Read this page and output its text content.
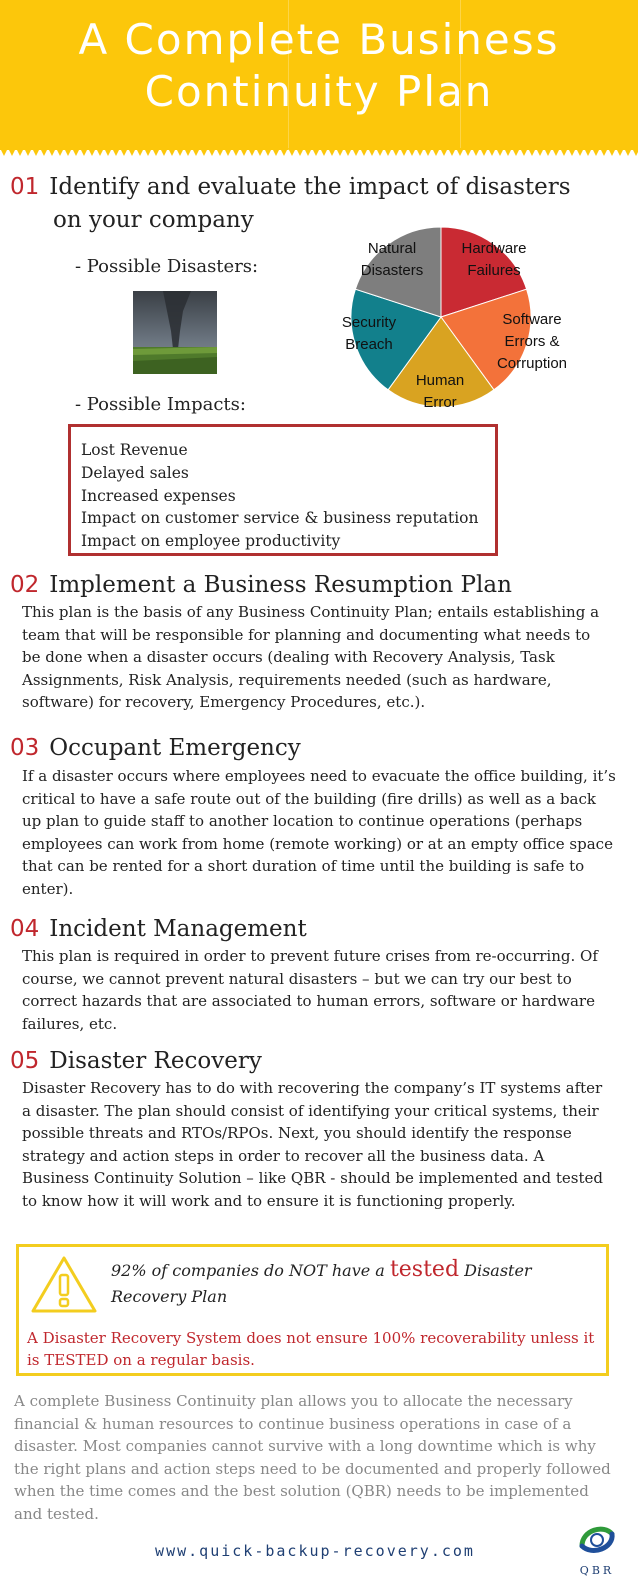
A Complete Business
Continuity Plan
01 Identify and evaluate the impact of disasters
on your company
- Possible Disasters:
- Possible Impacts:
Natural
Disasters
Hardware
Failures
Software
Errors &
Corruption
Human
Error
Security
Breach
Lost Revenue
Delayed sales
Increased expenses
Impact on customer service & business reputation
Impact on employee productivity
02 Implement a Business Resumption Plan

This plan is the basis of any Business Continuity Plan; entails establishing a team that will be responsible for planning and documenting what needs to be done when a disaster occurs (dealing with Recovery Analysis, Task Assignments, Risk Analysis, requirements needed (such as hardware, software) for recovery, Emergency Procedures, etc.).

03 Occupant Emergency

If a disaster occurs where employees need to evacuate the office building, it’s critical to have a safe route out of the building (fire drills) as well as a back up plan to guide staff to another location to continue operations (perhaps employees can work from home (remote working) or at an empty office space that can be rented for a short duration of time until the building is safe to enter).

04 Incident Management

This plan is required in order to prevent future crises from re-occurring. Of course, we cannot prevent natural disasters – but we can try our best to correct hazards that are associated to human errors, software or hardware failures, etc.

05 Disaster Recovery

Disaster Recovery has to do with recovering the company’s IT systems after a disaster. The plan should consist of identifying your critical systems, their possible threats and RTOs/RPOs. Next, you should identify the response strategy and action steps in order to recover all the business data. A Business Continuity Solution – like QBR - should be implemented and tested to know how it will work and to ensure it is functioning properly.

92% of companies do NOT have a tested Disaster Recovery Plan
A Disaster Recovery System does not ensure 100% recoverability unless it is TESTED on a regular basis.

A complete Business Continuity plan allows you to allocate the necessary financial & human resources to continue business operations in case of a disaster. Most companies cannot survive with a long downtime which is why the right plans and action steps need to be documented and properly followed when the time comes and the best solution (QBR) needs to be implemented and tested.

www.quick-backup-recovery.com
QBR
